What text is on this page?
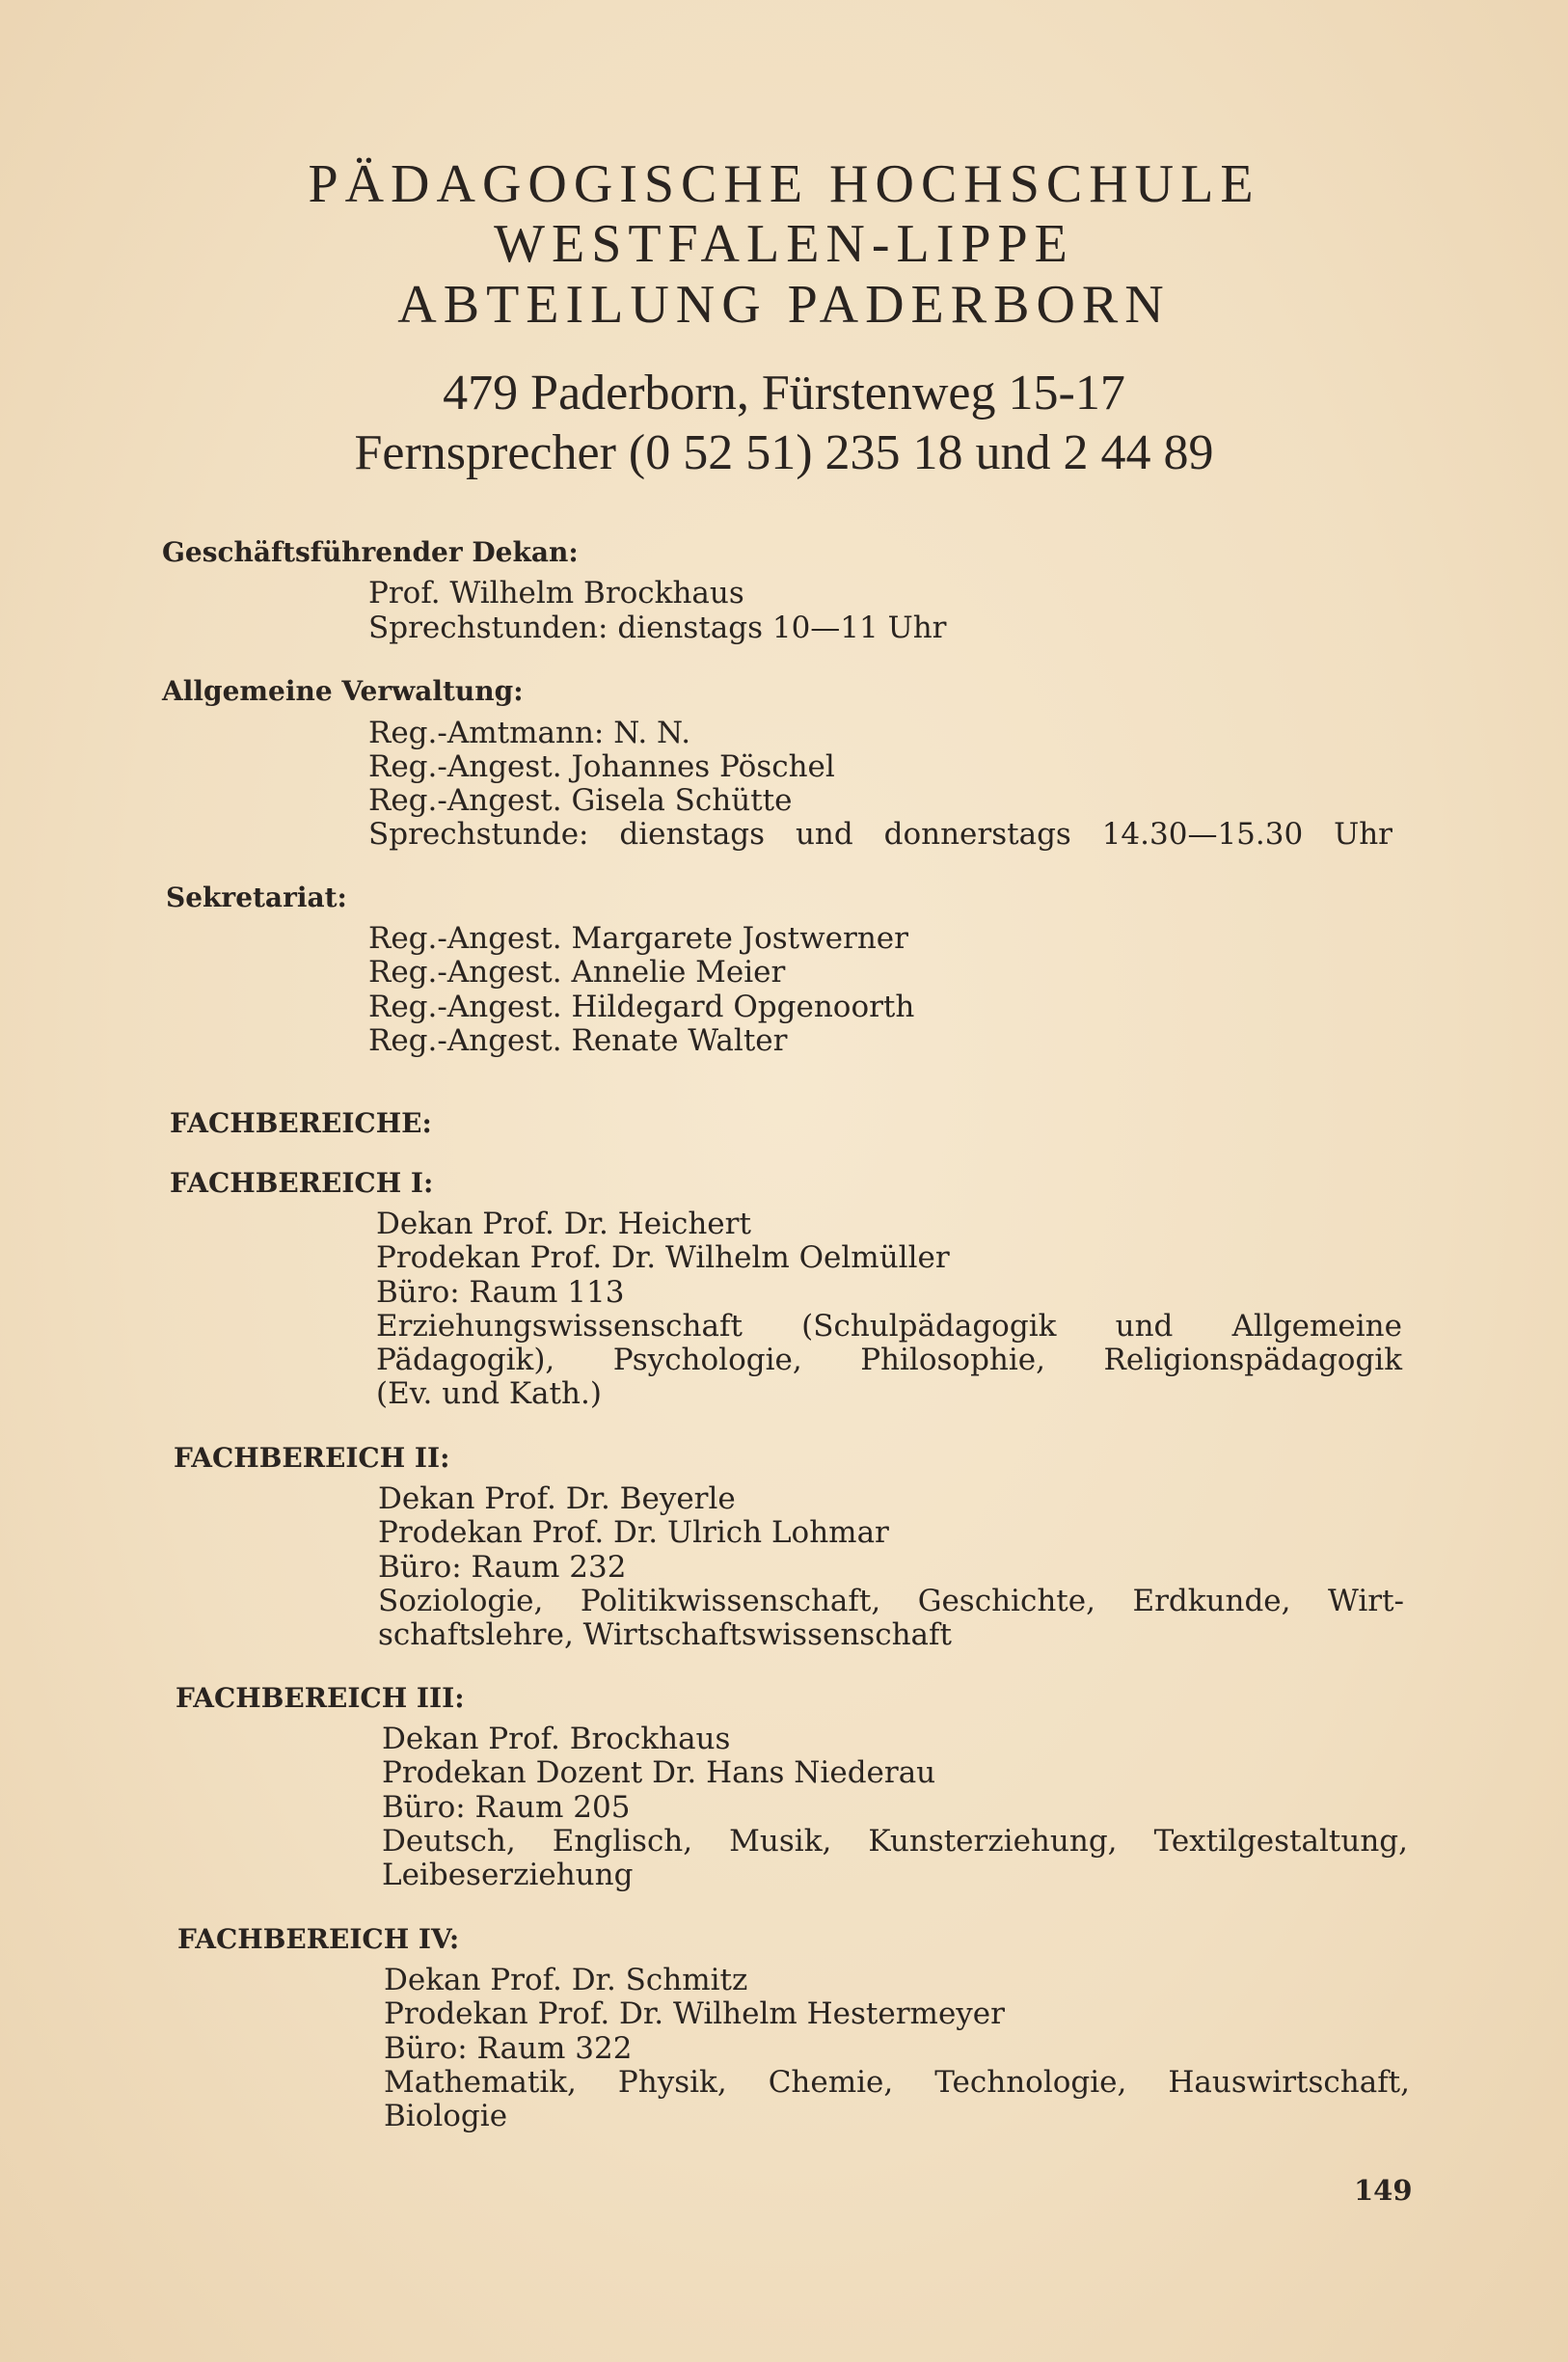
PÄDAGOGISCHE HOCHSCHULE
WESTFALEN-LIPPE
ABTEILUNG PADERBORN
479 Paderborn, Fürstenweg 15-17
Fernsprecher (0 52 51) 235 18 und 2 44 89
Geschäftsführender Dekan:
Prof. Wilhelm Brockhaus
Sprechstunden: dienstags 10—11 Uhr
Allgemeine Verwaltung:
Reg.-Amtmann: N. N.
Reg.-Angest. Johannes Pöschel
Reg.-Angest. Gisela Schütte
Sprechstunde: dienstags und donnerstags 14.30—15.30 Uhr
Sekretariat:
Reg.-Angest. Margarete Jostwerner
Reg.-Angest. Annelie Meier
Reg.-Angest. Hildegard Opgenoorth
Reg.-Angest. Renate Walter
FACHBEREICHE:
FACHBEREICH I:
Dekan Prof. Dr. Heichert
Prodekan Prof. Dr. Wilhelm Oelmüller
Büro: Raum 113
Erziehungswissenschaft (Schulpädagogik und Allgemeine
Pädagogik), Psychologie, Philosophie, Religionspädagogik
(Ev. und Kath.)
FACHBEREICH II:
Dekan Prof. Dr. Beyerle
Prodekan Prof. Dr. Ulrich Lohmar
Büro: Raum 232
Soziologie, Politikwissenschaft, Geschichte, Erdkunde, Wirt-
schaftslehre, Wirtschaftswissenschaft
FACHBEREICH III:
Dekan Prof. Brockhaus
Prodekan Dozent Dr. Hans Niederau
Büro: Raum 205
Deutsch, Englisch, Musik, Kunsterziehung, Textilgestaltung,
Leibeserziehung
FACHBEREICH IV:
Dekan Prof. Dr. Schmitz
Prodekan Prof. Dr. Wilhelm Hestermeyer
Büro: Raum 322
Mathematik, Physik, Chemie, Technologie, Hauswirtschaft,
Biologie
149
